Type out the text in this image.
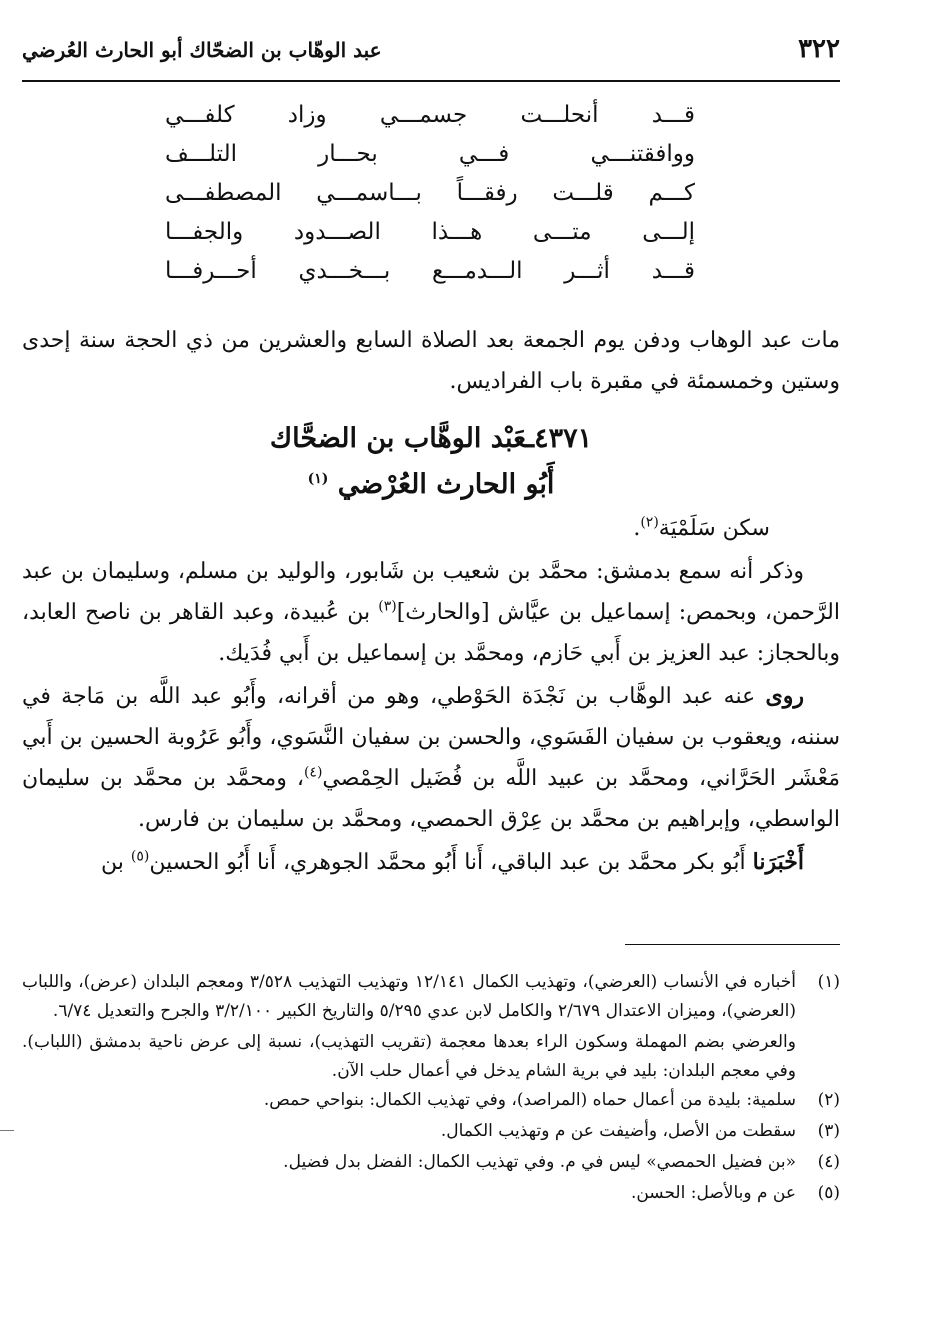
٣٢٢
عبد الوهّاب بن الضحّاك أبو الحارث العُرضي
قـــد أنحلـــت جسمـــي وزاد كلفـــي
ووافقتنـــي فـــي بحـــار التلـــف
كـــم قلـــت رفقـــاً بـــاسمـــي المصطفـــى
إلـــى متـــى هـــذا الصـــدود والجفـــا
قـــد أثـــر الـــدمـــع بـــخـــدي أحـــرفـــا
مات عبد الوهاب ودفن يوم الجمعة بعد الصلاة السابع والعشرين من ذي الحجة سنة إحدى وستين وخمسمئة في مقبرة باب الفراديس.
٤٣٧١ـعَبْد الوهَّاب بن الضحَّاك
أَبُو الحارث العُرْضي $^{(١)}$

سكن سَلَمْيَة$^{(٢)}$.

وذكر أنه سمع بدمشق: محمَّد بن شعيب بن شَابور، والوليد بن مسلم، وسليمان بن عبد الرَّحمن، وبحمص: إسماعيل بن عيَّاش [والحارث]$^{(٣)}$ بن عُبيدة، وعبد القاهر بن ناصح العابد، وبالحجاز: عبد العزيز بن أَبي حَازم، ومحمَّد بن إسماعيل بن أَبي فُدَيك.

روى عنه عبد الوهَّاب بن نَجْدَة الحَوْطي، وهو من أقرانه، وأَبُو عبد اللَّه بن مَاجة في سننه، ويعقوب بن سفيان الفَسَوي، والحسن بن سفيان النَّسَوي، وأَبُو عَرُوبة الحسين بن أَبي مَعْشَر الحَرَّاني، ومحمَّد بن عبيد اللَّه بن فُضَيل الحِمْصي$^{(٤)}$، ومحمَّد بن محمَّد بن سليمان الواسطي، وإبراهيم بن محمَّد بن عِرْق الحمصي، ومحمَّد بن سليمان بن فارس.

أَخْبَرَنا أَبُو بكر محمَّد بن عبد الباقي، أَنا أَبُو محمَّد الجوهري، أَنا أَبُو الحسين$^{(٥)}$ بن

(١)
أخباره في الأنساب (العرضي)، وتهذيب الكمال ١٢/١٤١ وتهذيب التهذيب ٣/٥٢٨ ومعجم البلدان (عرض)، واللباب (العرضي)، وميزان الاعتدال ٢/٦٧٩ والكامل لابن عدي ٥/٢٩٥ والتاريخ الكبير ٣/٢/١٠٠ والجرح والتعديل ٦/٧٤.
والعرضي بضم المهملة وسكون الراء بعدها معجمة (تقريب التهذيب)، نسبة إلى عرض ناحية بدمشق (اللباب). وفي معجم البلدان: بليد في برية الشام يدخل في أعمال حلب الآن.
(٢)
سلمية: بليدة من أعمال حماه (المراصد)، وفي تهذيب الكمال: بنواحي حمص.
(٣)
سقطت من الأصل، وأضيفت عن م وتهذيب الكمال.
(٤)
«بن فضيل الحمصي» ليس في م. وفي تهذيب الكمال: الفضل بدل فضيل.
(٥)
عن م وبالأصل: الحسن.
